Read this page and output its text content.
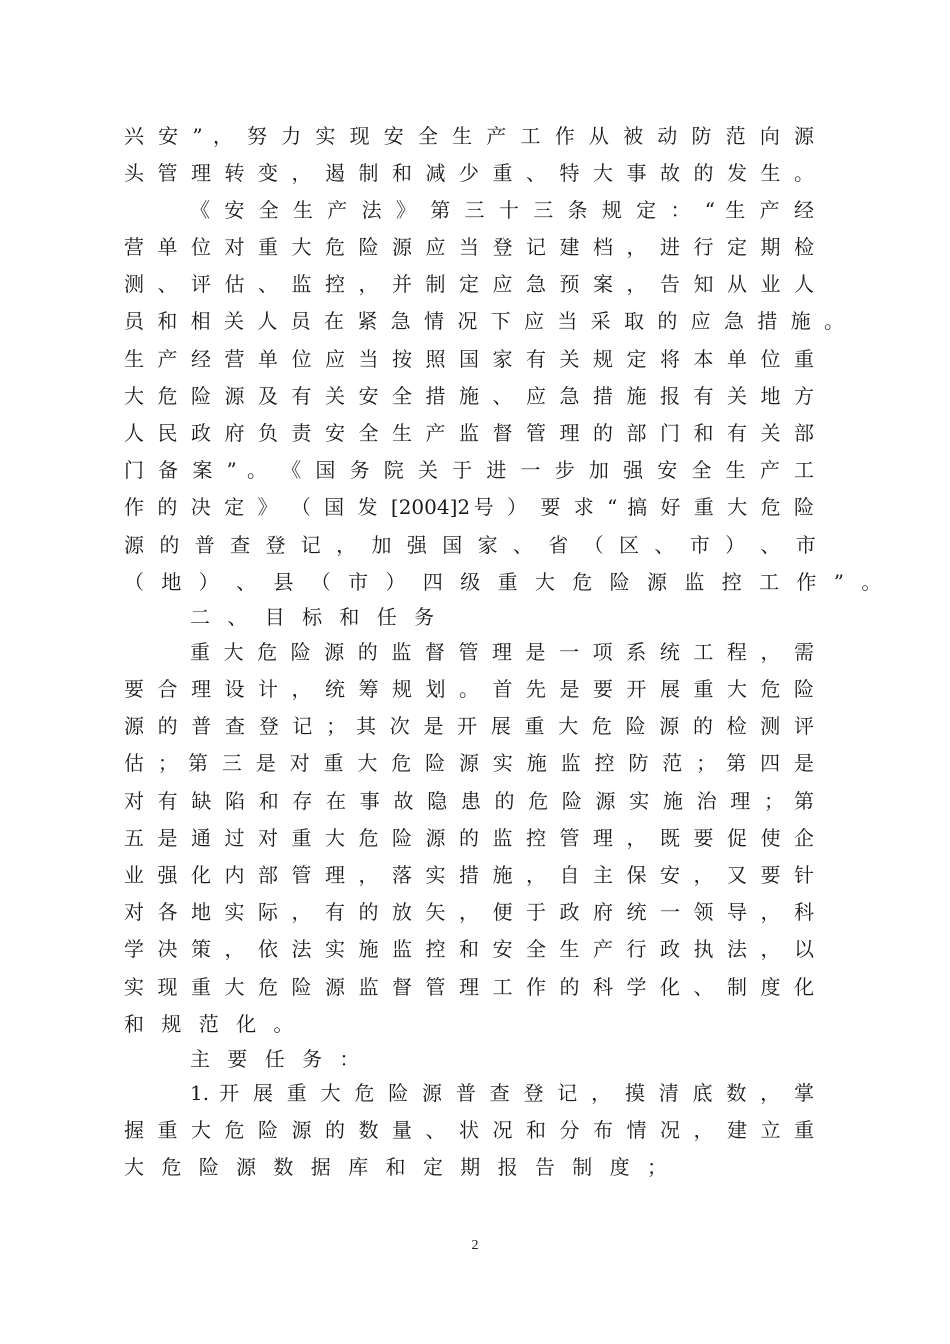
兴 安 ” ， 努 力 实 现 安 全 生 产 工 作 从 被 动 防 范 向 源
头 管 理 转 变 ， 遏 制 和 减 少 重 、 特 大 事 故 的 发 生 。
《 安 全 生 产 法 》 第 三 十 三 条 规 定 ： “ 生 产 经
营 单 位 对 重 大 危 险 源 应 当 登 记 建 档 ， 进 行 定 期 检
测 、 评 估 、 监 控 ， 并 制 定 应 急 预 案 ， 告 知 从 业 人
员 和 相 关 人 员 在 紧 急 情 况 下 应 当 采 取 的 应 急 措 施 。
生 产 经 营 单 位 应 当 按 照 国 家 有 关 规 定 将 本 单 位 重
大 危 险 源 及 有 关 安 全 措 施 、 应 急 措 施 报 有 关 地 方
人 民 政 府 负 责 安 全 生 产 监 督 管 理 的 部 门 和 有 关 部
门 备 案 ” 。 《 国 务 院 关 于 进 一 步 加 强 安 全 生 产 工
作 的 决 定 》 （ 国 发 [2004]2号 ） 要 求 “ 搞 好 重 大 危 险
源 的 普 查 登 记 ， 加 强 国 家 、 省 （ 区 、 市 ） 、 市
（ 地 ） 、 县 （ 市 ） 四 级 重 大 危 险 源 监 控 工 作 ” 。
二 、 目 标 和 任 务
重 大 危 险 源 的 监 督 管 理 是 一 项 系 统 工 程 ， 需
要 合 理 设 计 ， 统 筹 规 划 。 首 先 是 要 开 展 重 大 危 险
源 的 普 查 登 记 ； 其 次 是 开 展 重 大 危 险 源 的 检 测 评
估 ； 第 三 是 对 重 大 危 险 源 实 施 监 控 防 范 ； 第 四 是
对 有 缺 陷 和 存 在 事 故 隐 患 的 危 险 源 实 施 治 理 ； 第
五 是 通 过 对 重 大 危 险 源 的 监 控 管 理 ， 既 要 促 使 企
业 强 化 内 部 管 理 ， 落 实 措 施 ， 自 主 保 安 ， 又 要 针
对 各 地 实 际 ， 有 的 放 矢 ， 便 于 政 府 统 一 领 导 ， 科
学 决 策 ， 依 法 实 施 监 控 和 安 全 生 产 行 政 执 法 ， 以
实 现 重 大 危 险 源 监 督 管 理 工 作 的 科 学 化 、 制 度 化
和 规 范 化 。
主 要 任 务 ：
1. 开 展 重 大 危 险 源 普 查 登 记 ， 摸 清 底 数 ， 掌
握 重 大 危 险 源 的 数 量 、 状 况 和 分 布 情 况 ， 建 立 重
大 危 险 源 数 据 库 和 定 期 报 告 制 度 ；
2
